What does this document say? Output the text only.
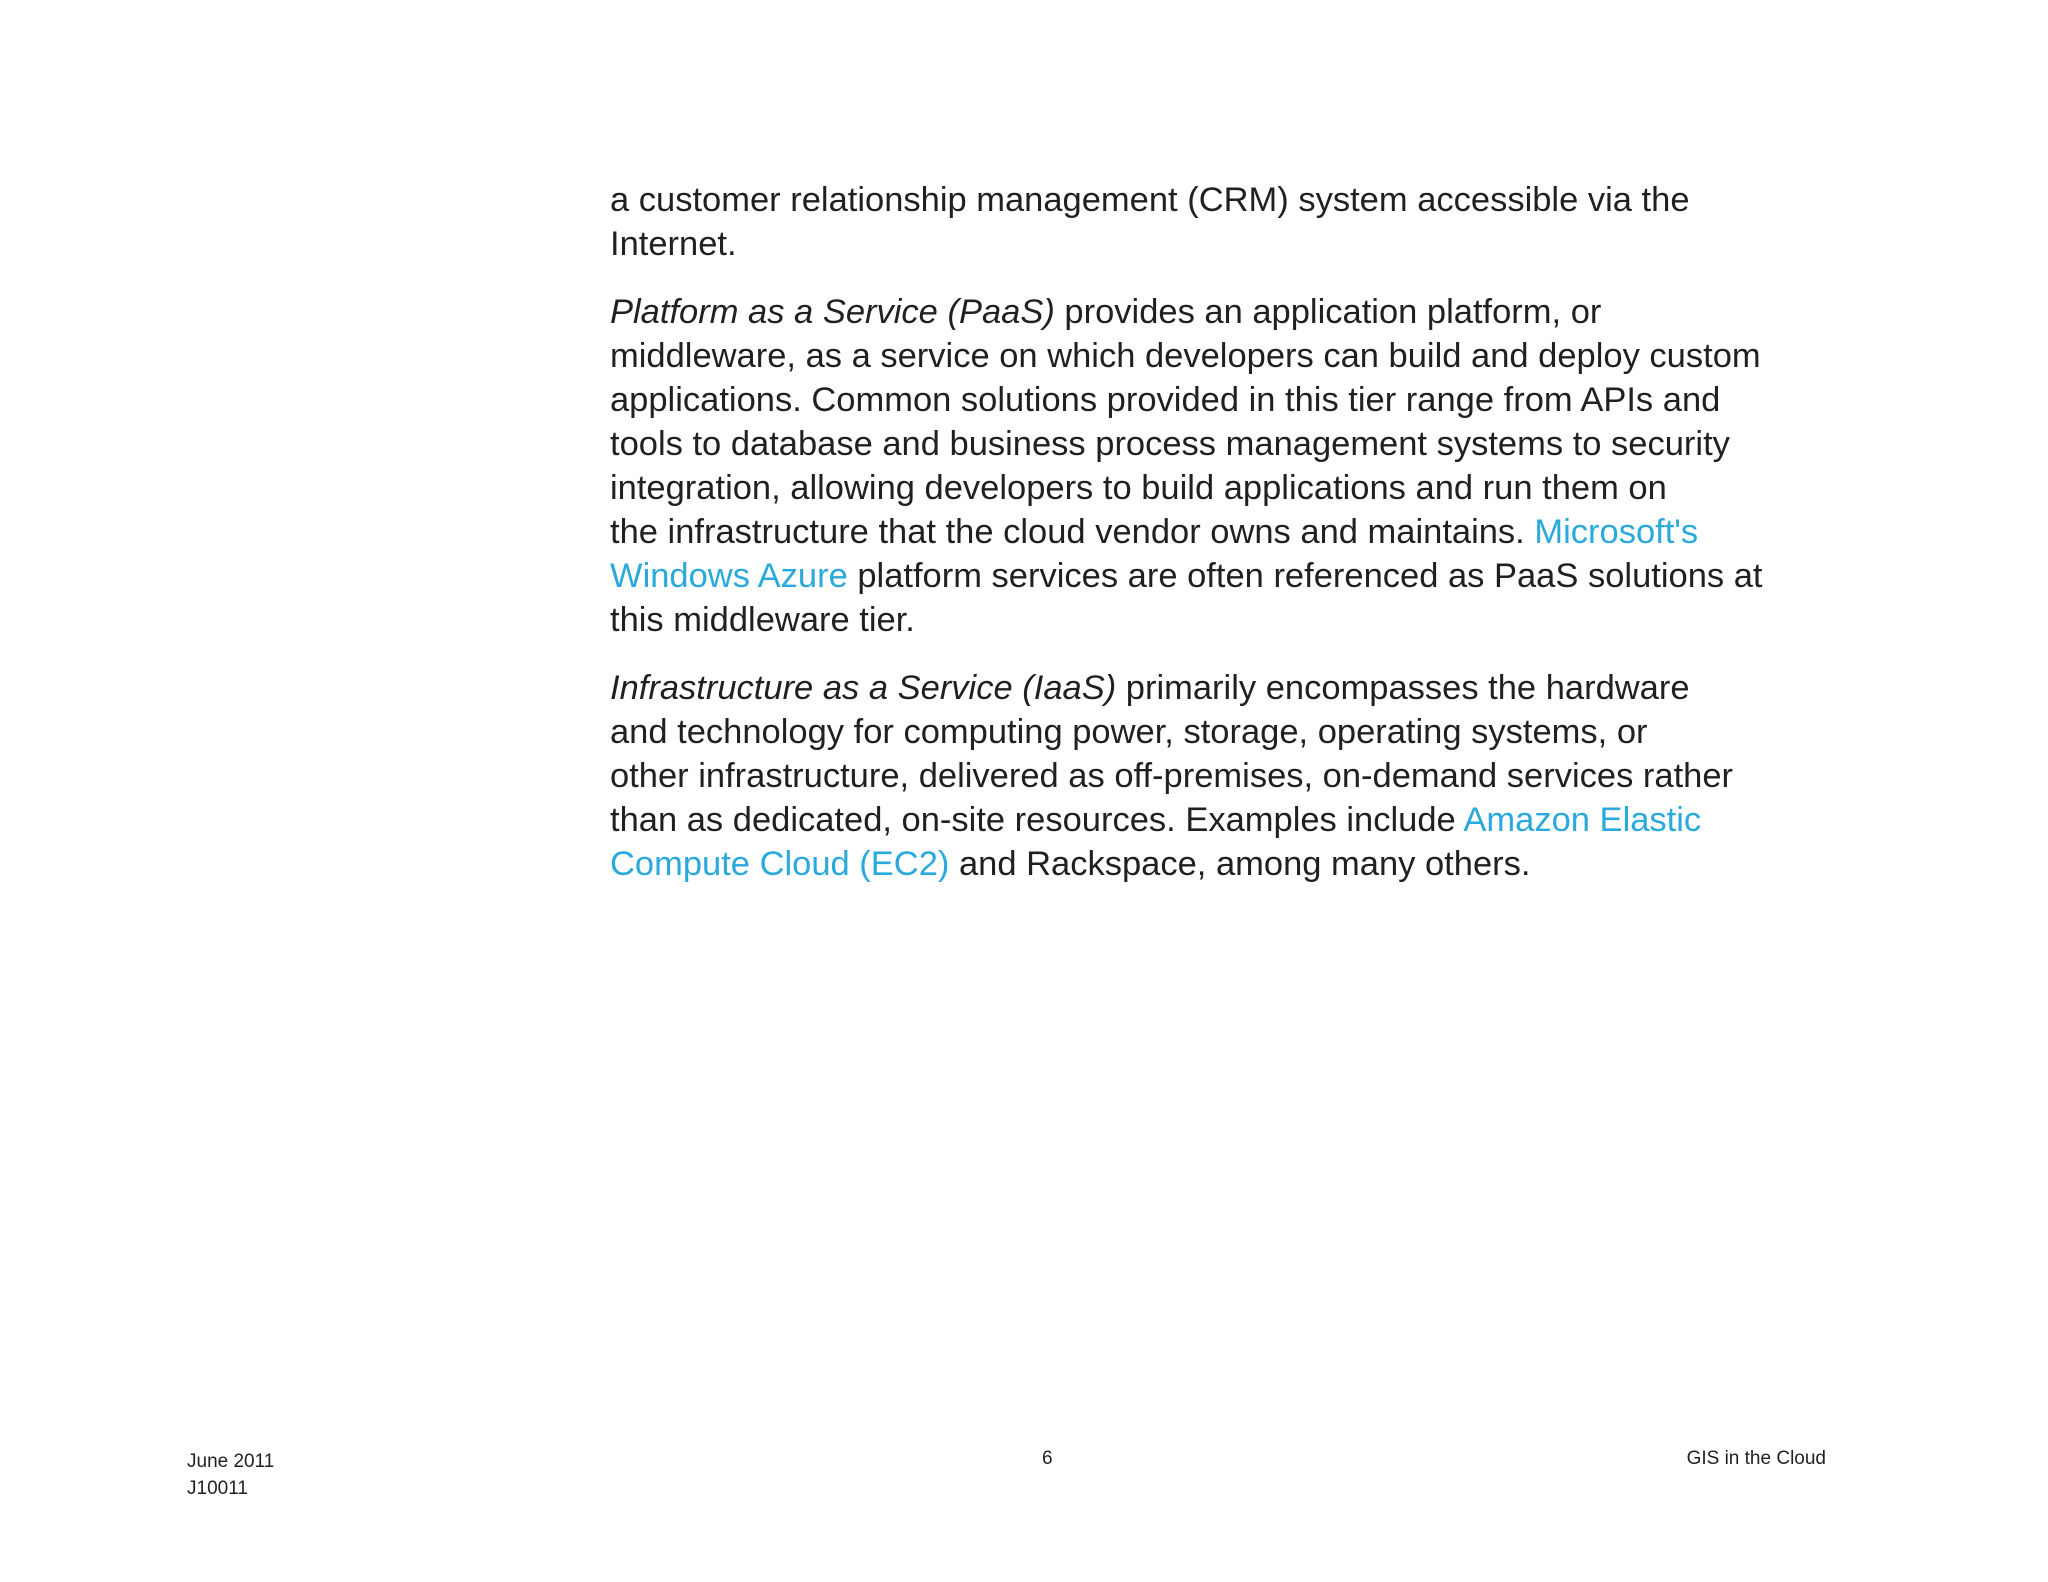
a customer relationship management (CRM) system accessible via the
Internet.

Platform as a Service (PaaS) provides an application platform, or
middleware, as a service on which developers can build and deploy custom
applications. Common solutions provided in this tier range from APIs and
tools to database and business process management systems to security
integration, allowing developers to build applications and run them on
the infrastructure that the cloud vendor owns and maintains. Microsoft's
Windows Azure platform services are often referenced as PaaS solutions at
this middleware tier.

Infrastructure as a Service (IaaS) primarily encompasses the hardware
and technology for computing power, storage, operating systems, or
other infrastructure, delivered as off-premises, on-demand services rather
than as dedicated, on-site resources. Examples include Amazon Elastic
Compute Cloud (EC2) and Rackspace, among many others.

June 2011
J10011
6	GIS in the Cloud
